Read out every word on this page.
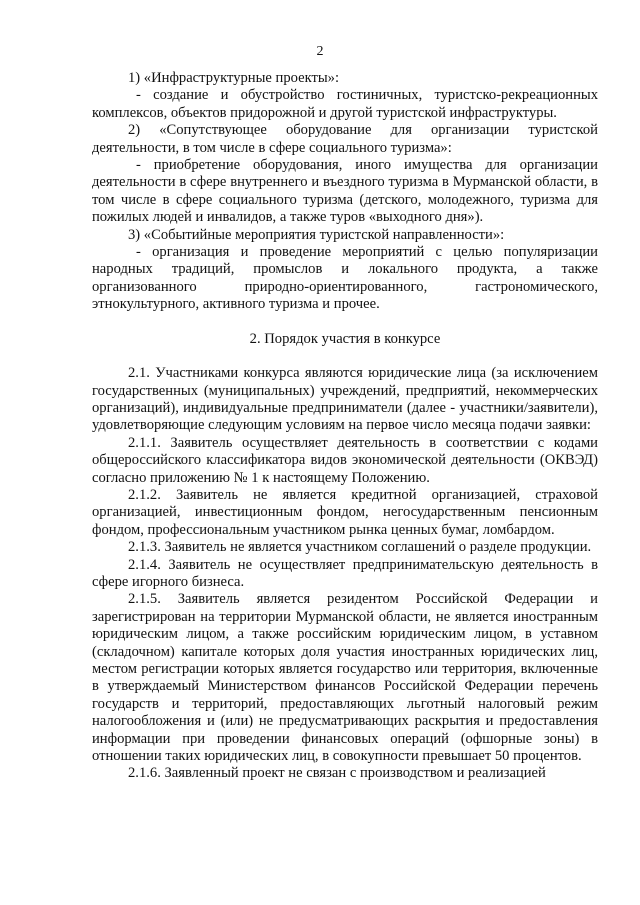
2

1) «Инфраструктурные проекты»:

- создание и обустройство гостиничных, туристско-рекреационных комплексов, объектов придорожной и другой туристской инфраструктуры.

2) «Сопутствующее оборудование для организации туристской деятельности, в том числе в сфере социального туризма»:

- приобретение оборудования, иного имущества для организации деятельности в сфере внутреннего и въездного туризма в Мурманской области, в том числе в сфере социального туризма (детского, молодежного, туризма для пожилых людей и инвалидов, а также туров «выходного дня»).

3) «Событийные мероприятия туристской направленности»:

- организация и проведение мероприятий с целью популяризации народных традиций, промыслов и локального продукта, а также организованного природно-ориентированного, гастрономического, этнокультурного, активного туризма и прочее.

2. Порядок участия в конкурсе

2.1. Участниками конкурса являются юридические лица (за исключением государственных (муниципальных) учреждений, предприятий, некоммерческих организаций), индивидуальные предприниматели (далее - участники/заявители), удовлетворяющие следующим условиям на первое число месяца подачи заявки:

2.1.1. Заявитель осуществляет деятельность в соответствии с кодами общероссийского классификатора видов экономической деятельности (ОКВЭД) согласно приложению № 1 к настоящему Положению.

2.1.2. Заявитель не является кредитной организацией, страховой организацией, инвестиционным фондом, негосударственным пенсионным фондом, профессиональным участником рынка ценных бумаг, ломбардом.

2.1.3. Заявитель не является участником соглашений о разделе продукции.

2.1.4. Заявитель не осуществляет предпринимательскую деятельность в сфере игорного бизнеса.

2.1.5. Заявитель является резидентом Российской Федерации и зарегистрирован на территории Мурманской области, не является иностранным юридическим лицом, а также российским юридическим лицом, в уставном (складочном) капитале которых доля участия иностранных юридических лиц, местом регистрации которых является государство или территория, включенные в утверждаемый Министерством финансов Российской Федерации перечень государств и территорий, предоставляющих льготный налоговый режим налогообложения и (или) не предусматривающих раскрытия и предоставления информации при проведении финансовых операций (офшорные зоны) в отношении таких юридических лиц, в совокупности превышает 50 процентов.

2.1.6. Заявленный проект не связан с производством и реализацией
